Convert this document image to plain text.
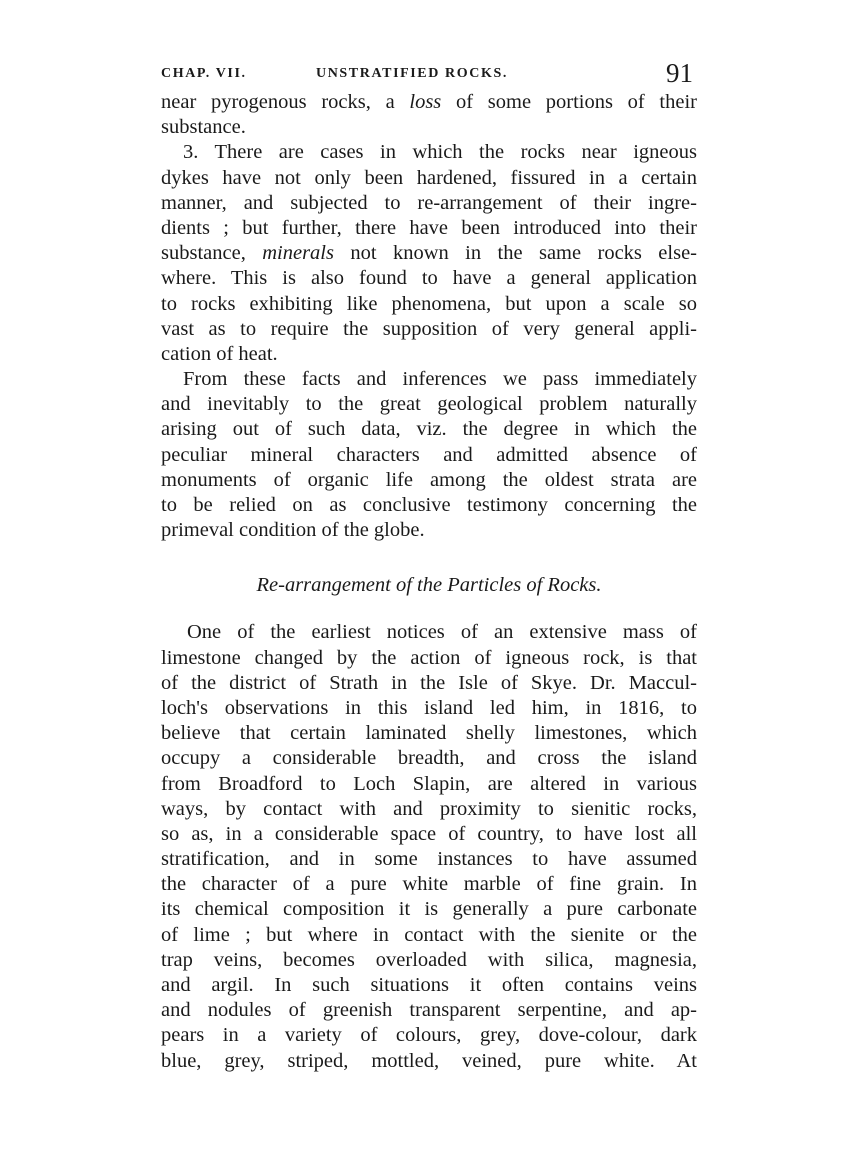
CHAP. VII.	UNSTRATIFIED ROCKS.	91
near pyrogenous rocks, a loss of some portions of their
substance.
3. There are cases in which the rocks near igneous
dykes have not only been hardened, fissured in a certain
manner, and subjected to re-arrangement of their ingre-
dients ; but further, there have been introduced into their
substance, minerals not known in the same rocks else-
where. This is also found to have a general application
to rocks exhibiting like phenomena, but upon a scale so
vast as to require the supposition of very general appli-
cation of heat.
From these facts and inferences we pass immediately
and inevitably to the great geological problem naturally
arising out of such data, viz. the degree in which the
peculiar mineral characters and admitted absence of
monuments of organic life among the oldest strata are
to be relied on as conclusive testimony concerning the
primeval condition of the globe.
Re-arrangement of the Particles of Rocks.
One of the earliest notices of an extensive mass of
limestone changed by the action of igneous rock, is that
of the district of Strath in the Isle of Skye. Dr. Maccul-
loch's observations in this island led him, in 1816, to
believe that certain laminated shelly limestones, which
occupy a considerable breadth, and cross the island
from Broadford to Loch Slapin, are altered in various
ways, by contact with and proximity to sienitic rocks,
so as, in a considerable space of country, to have lost all
stratification, and in some instances to have assumed
the character of a pure white marble of fine grain. In
its chemical composition it is generally a pure carbonate
of lime ; but where in contact with the sienite or the
trap veins, becomes overloaded with silica, magnesia,
and argil. In such situations it often contains veins
and nodules of greenish transparent serpentine, and ap-
pears in a variety of colours, grey, dove-colour, dark
blue, grey, striped, mottled, veined, pure white. At
